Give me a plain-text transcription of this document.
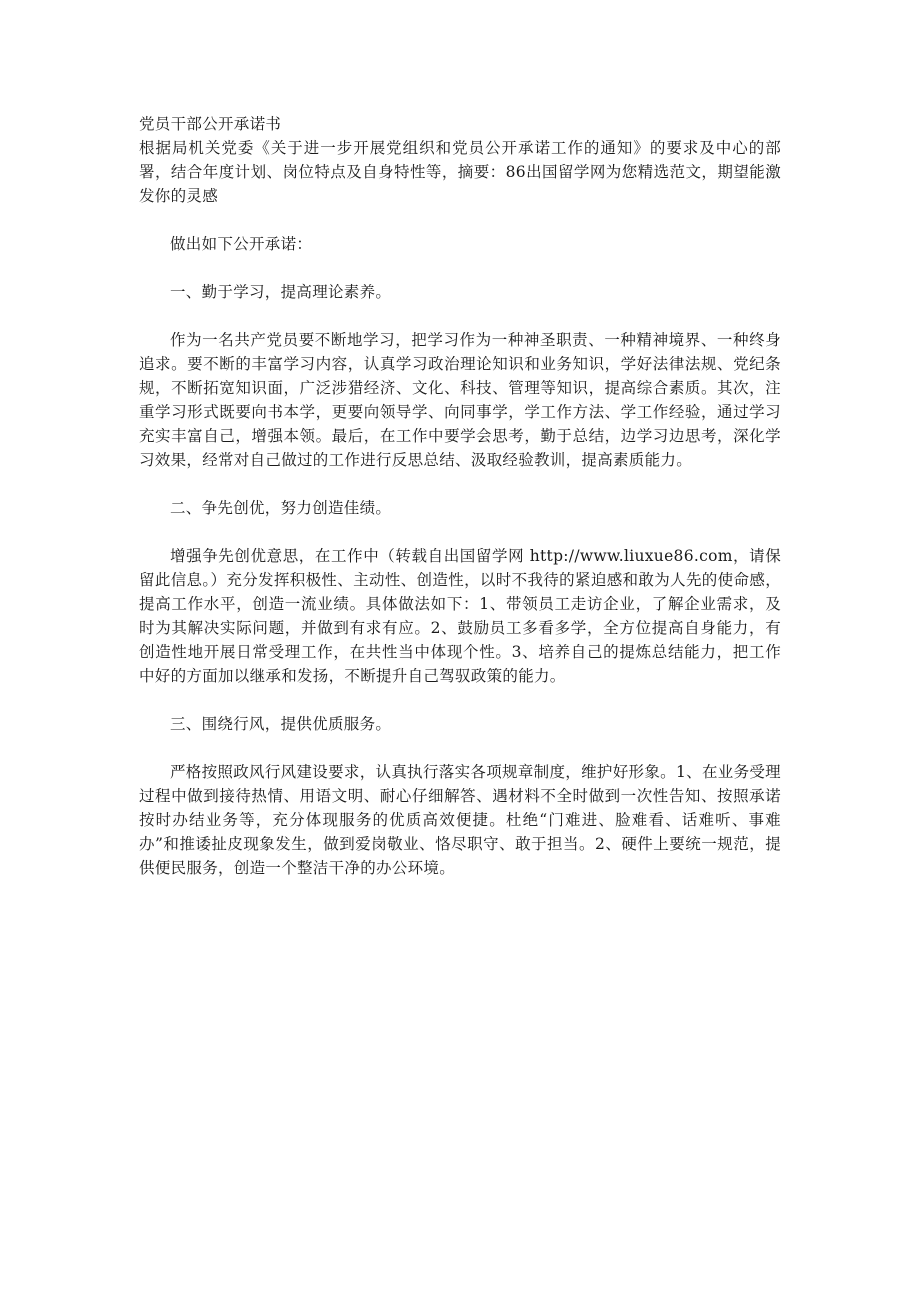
党员干部公开承诺书

根据局机关党委《关于进一步开展党组织和党员公开承诺工作的通知》的要求及中心的部署，结合年度计划、岗位特点及自身特性等，摘要：86出国留学网为您精选范文，期望能激发你的灵感

做出如下公开承诺：

一、勤于学习，提高理论素养。

作为一名共产党员要不断地学习，把学习作为一种神圣职责、一种精神境界、一种终身追求。要不断的丰富学习内容，认真学习政治理论知识和业务知识，学好法律法规、党纪条规，不断拓宽知识面，广泛涉猎经济、文化、科技、管理等知识，提高综合素质。其次，注重学习形式既要向书本学，更要向领导学、向同事学，学工作方法、学工作经验，通过学习充实丰富自己，增强本领。最后，在工作中要学会思考，勤于总结，边学习边思考，深化学习效果，经常对自己做过的工作进行反思总结、汲取经验教训，提高素质能力。

二、争先创优，努力创造佳绩。

增强争先创优意思，在工作中（转载自出国留学网 http://www.liuxue86.com，请保留此信息。）充分发挥积极性、主动性、创造性，以时不我待的紧迫感和敢为人先的使命感，提高工作水平，创造一流业绩。具体做法如下：1、带领员工走访企业，了解企业需求，及时为其解决实际问题，并做到有求有应。2、鼓励员工多看多学，全方位提高自身能力，有创造性地开展日常受理工作，在共性当中体现个性。3、培养自己的提炼总结能力，把工作中好的方面加以继承和发扬，不断提升自己驾驭政策的能力。

三、围绕行风，提供优质服务。

严格按照政风行风建设要求，认真执行落实各项规章制度，维护好形象。1、在业务受理过程中做到接待热情、用语文明、耐心仔细解答、遇材料不全时做到一次性告知、按照承诺按时办结业务等，充分体现服务的优质高效便捷。杜绝“门难进、脸难看、话难听、事难办”和推诿扯皮现象发生，做到爱岗敬业、恪尽职守、敢于担当。2、硬件上要统一规范，提供便民服务，创造一个整洁干净的办公环境。
